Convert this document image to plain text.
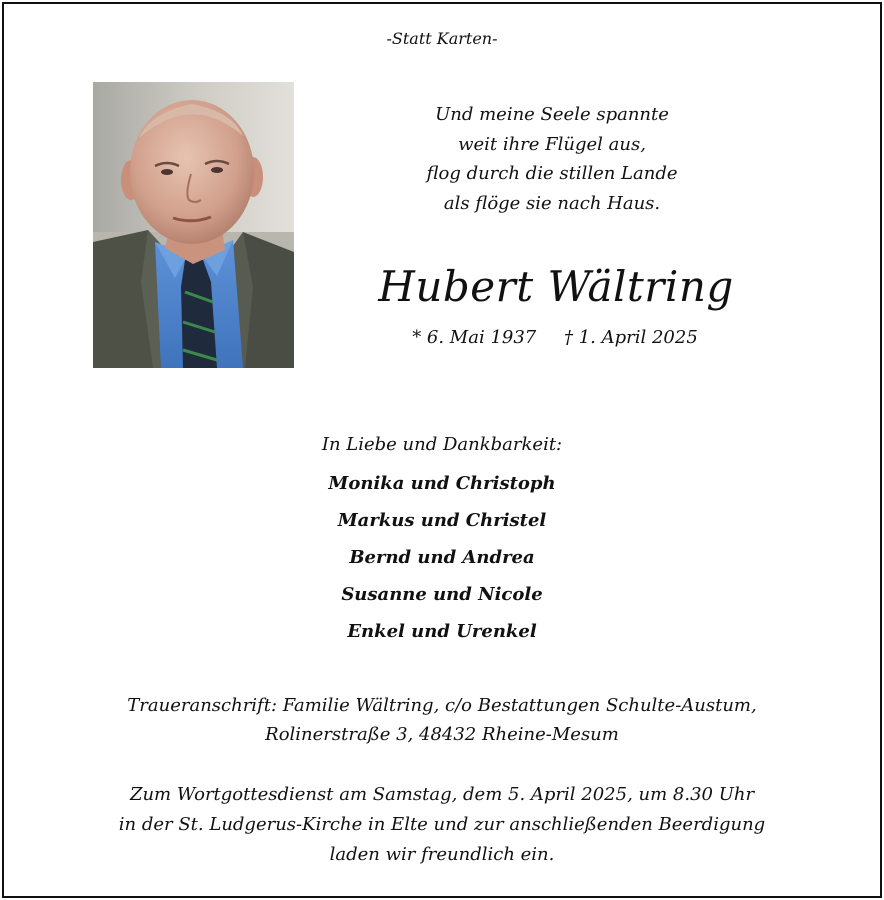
-Statt Karten-
Und meine Seele spannte
weit ihre Flügel aus,
flog durch die stillen Lande
als flöge sie nach Haus.
Hubert Wältring
* 6. Mai 1937 † 1. April 2025
In Liebe und Dankbarkeit:
Monika und Christoph
Markus und Christel
Bernd und Andrea
Susanne und Nicole
Enkel und Urenkel
Traueranschrift: Familie Wältring, c/o Bestattungen Schulte-Austum,
Rolinerstraße 3, 48432 Rheine-Mesum
Zum Wortgottesdienst am Samstag, dem 5. April 2025, um 8.30 Uhr
in der St. Ludgerus-Kirche in Elte und zur anschließenden Beerdigung
laden wir freundlich ein.
